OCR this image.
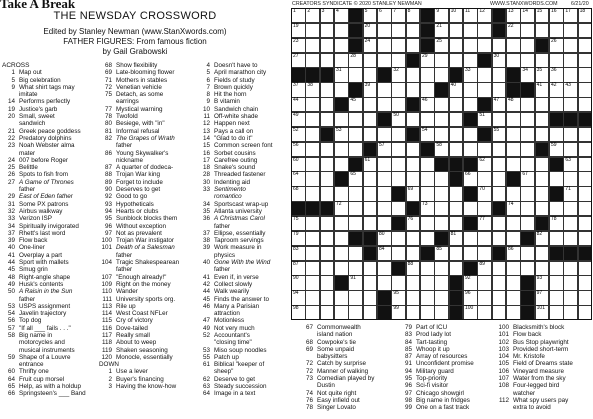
Take A Break
THE NEWSDAY CROSSWORD
Edited by Stanley Newman (www.StanXwords.com)
FATHER FIGURES: From famous fiction
by Gail Grabowski
CREATORS SYNDICATE © 2020 STANLEY NEWMAN	WWW.STANXWORDS.COM	6/21/20
ACROSS
1 Map out
5 Big celebration
9 What shirt tags may
imitate
14 Performs perfectly
19 Justice's garb
20 Small, sweet
sandwich
21 Greek peace goddess
22 Predatory dolphins
23 Noah Webster alma
mater
24 007 before Roger
25 Belittle
26 Spots to fish from
27 A Game of Thrones
father
29 East of Eden father
31 Some PX patrons
32 Airbus walkway
33 Verizon ISP
34 Spiritually invigorated
37 Rhett's last word
39 Flow back
40 One-liner
41 Overplay a part
44 Sport with mallets
45 Smug grin
48 Right-angle shape
49 Husk's contents
50 A Raisin in the Sun
father
53 USPS assignment
54 Javelin trajectory
56 Top dog
57 "If all ___ fails . . ."
58 Big name in
motorcycles and
musical instruments
59 Shape of a Louvre
entrance
60 Thrifty one
64 Fruit cup morsel
65 Help, as with a holdup
66 Springsteen's ___ Band
68 Show flexibility
69 Late-blooming flower
71 Mothers in stables
72 Venetian vehicle
75 Detach, as some
earrings
77 Mystical warning
78 Twofold
80 Besiege, with "in"
81 Informal refusal
82 The Grapes of Wrath
father
86 Young Skywalker's
nickname
87 A quarter of dodeca-
88 Trojan War king
89 Forget to include
90 Deserves to get
92 Good to go
93 Hypotheticals
94 Hearts or clubs
95 Sunblock blocks them
96 Without exception
97 Not as prevalent
100 Trojan War instigator
101 Death of a Salesman
father
104 Tragic Shakespearean
father
107 "Enough already!"
109 Right on the money
110 Wander
111 University sports org.
113 Rile up
114 West Coast NFLer
115 Cry of victory
116 Dove-tailed
117 Really small
118 About to weep
119 Shaken seasoning
120 Monocle, essentially
DOWN
1 Use a lever
2 Buyer's financing
3 Having the know-how
4 Doesn't have to
5 April marathon city
6 Fields of study
7 Brown quickly
8 Hit the horn
9 B vitamin
10 Sandwich chain
11 Off-white shade
12 Happen next
13 Pays a call on
14 "Glad to do it"
15 Common screen font
16 Sorbet cousins
17 Carefree outing
18 Snake's sound
28 Threaded fastener
30 Indenting aid
33 Sentimento
romantico
34 Sportscast wrap-up
35 Atlanta university
36 A Christmas Carol
father
37 Ellipse, essentially
38 Taproom servings
39 Work measure in
physics
40 Gone With the Wind
father
41 Even if, in verse
42 Collect slowly
44 Walk wearily
45 Finds the answer to
46 Many a Parisian
attraction
47 Motionless
49 Not very much
52 Accountant's
"closing time"
53 Miso soup noodles
55 Patch up
61 Biblical "keeper of
sheep"
62 Deserve to get
63 Steady succession
64 Image in a text
67 Commonwealth
island nation
68 Cowpoke's tie
69 Some unpaid
babysitters
72 Catch by surprise
72 Manner of walking
73 Comedian played by
Dustin
74 Not quite right
76 Easy infield out
78 Singer Lovato
79 Part of ICU
83 Prod lady lot
84 Tart-tasting
85 Whoop it up
87 Array of resources
91 Unconfident promise
94 Military guard
95 Top-priority
96 Sci-fi visitor
97 Chicago showgirl
98 Big name in fridges
99 One on a fast track
100 Blacksmith's block
101 Flow back
102 Bus Stop playwright
103 Provided short-term
104 Mr. Kristofe
105 Field of Dreams state
106 Vineyard measure
107 Water from the sky
108 Four-legged bird
watcher
112 What spy users pay
extra to avoid
1 2 3 4	5 6 7 8	9 10 11 12	13 14 15 16 17 18
19	20	21	22
23	24	25	26
27	28	29	30
31	32	33	34 35 36
37 38	39	40	41 42 43
44	45	46	47 48
49	50	51
52	53	54	55
56	57	58	59
60	61	62	63
64	65	66	67
68	69	70	71
72	73	74
75	76	77	78
79	80	81	82
83	84	85	86
87	88	89
90	91	92	93
94	95	96	97
98	99	100	101
